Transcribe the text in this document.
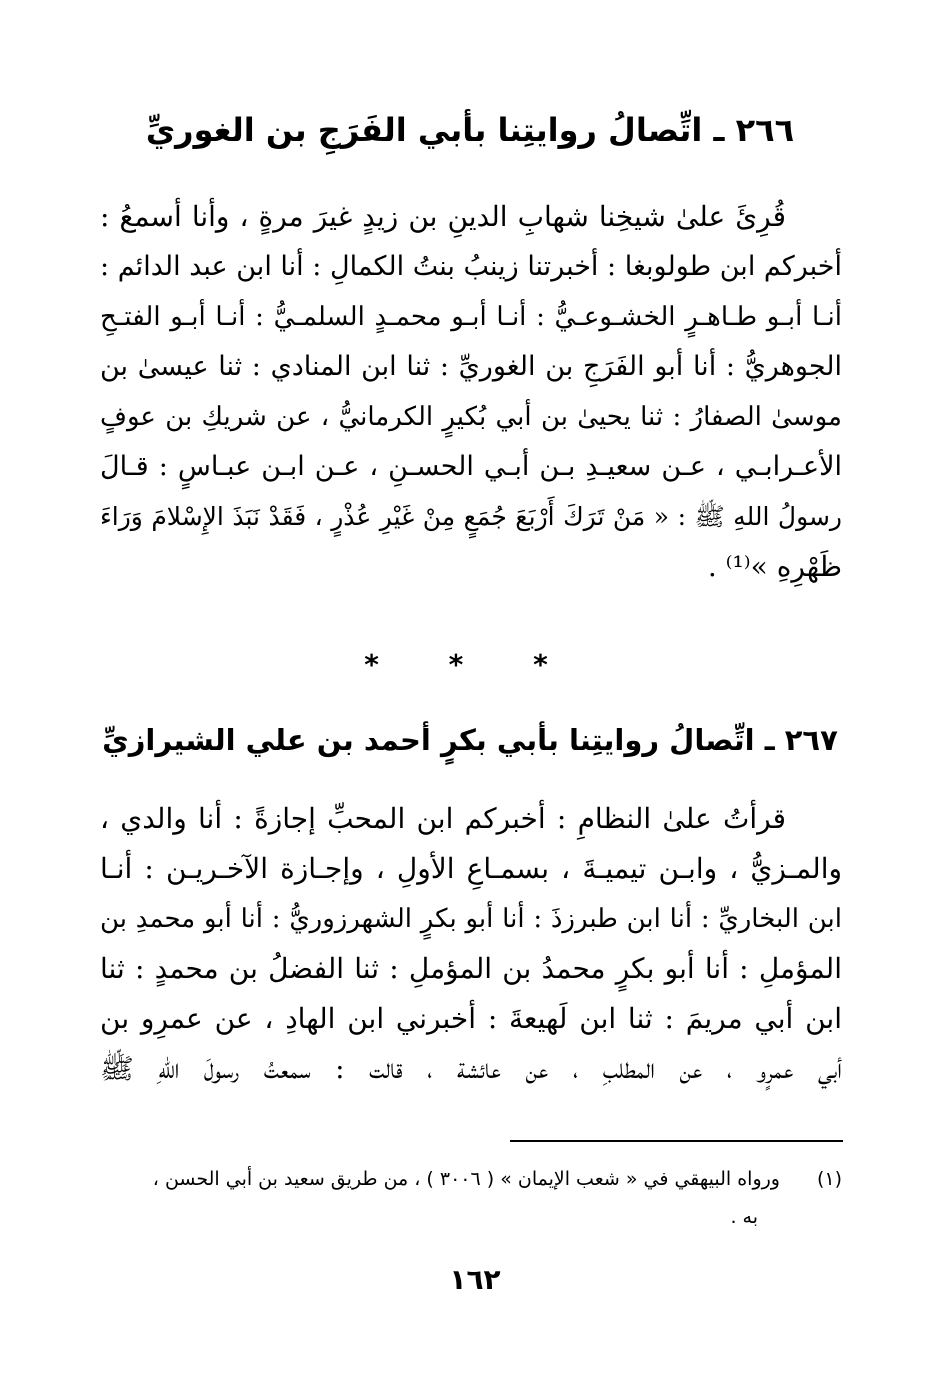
٢٦٦ ـ اتِّصالُ روايتِنا بأبي الفَرَجِ بن الغوريِّ
قُرِئَ علىٰ شيخِنا شهابِ الدينِ بن زيدٍ غيرَ مرةٍ ، وأنا أسمعُ :
أخبركم ابن طولوبغا : أخبرتنا زينبُ بنتُ الكمالِ : أنا ابن عبد الدائم :
أنـا أبـو طـاهـرٍ الخشـوعـيُّ : أنـا أبـو محمـدٍ السلمـيُّ : أنـا أبـو الفتـحِ
الجوهريُّ : أنا أبو الفَرَجِ بن الغوريِّ : ثنا ابن المنادي : ثنا عيسىٰ بن
موسىٰ الصفارُ : ثنا يحيىٰ بن أبي بُكيرٍ الكرمانيُّ ، عن شريكِ بن عوفٍ
الأعـرابـي ، عـن سعيـدِ بـن أبـي الحسـنِ ، عـن ابـن عبـاسٍ : قـالَ
رسولُ اللهِ ﷺ : « مَنْ تَرَكَ أَرْبَعَ جُمَعٍ مِنْ غَيْرِ عُذْرٍ ، فَقَدْ نَبَذَ الإِسْلامَ وَرَاءَ
ظَهْرِهِ »⁽¹⁾ .
* * *
٢٦٧ ـ اتِّصالُ روايتِنا بأبي بكرٍ أحمد بن علي الشيرازيِّ
قرأتُ علىٰ النظامِ : أخبركم ابن المحبِّ إجازةً : أنا والدي ،
والمـزيُّ ، وابـن تيميـةَ ، بسمـاعِ الأولِ ، وإجـازة الآخـريـن : أنـا
ابن البخاريِّ : أنا ابن طبرزذَ : أنا أبو بكرٍ الشهرزوريُّ : أنا أبو محمدِ بن
المؤملِ : أنا أبو بكرٍ محمدُ بن المؤملِ : ثنا الفضلُ بن محمدٍ : ثنا
ابن أبي مريمَ : ثنا ابن لَهيعةَ : أخبرني ابن الهادِ ، عن عمرِو بن
أبي عمرٍو ، عن المطلبِ ، عن عائشة ، قالت : سمعتُ رسولَ اللهِ ﷺ
(١)ورواه البيهقي في « شعب الإيمان » ( ٣٠٠٦ ) ، من طريق سعيد بن أبي الحسن ،
به .
١٦٢
